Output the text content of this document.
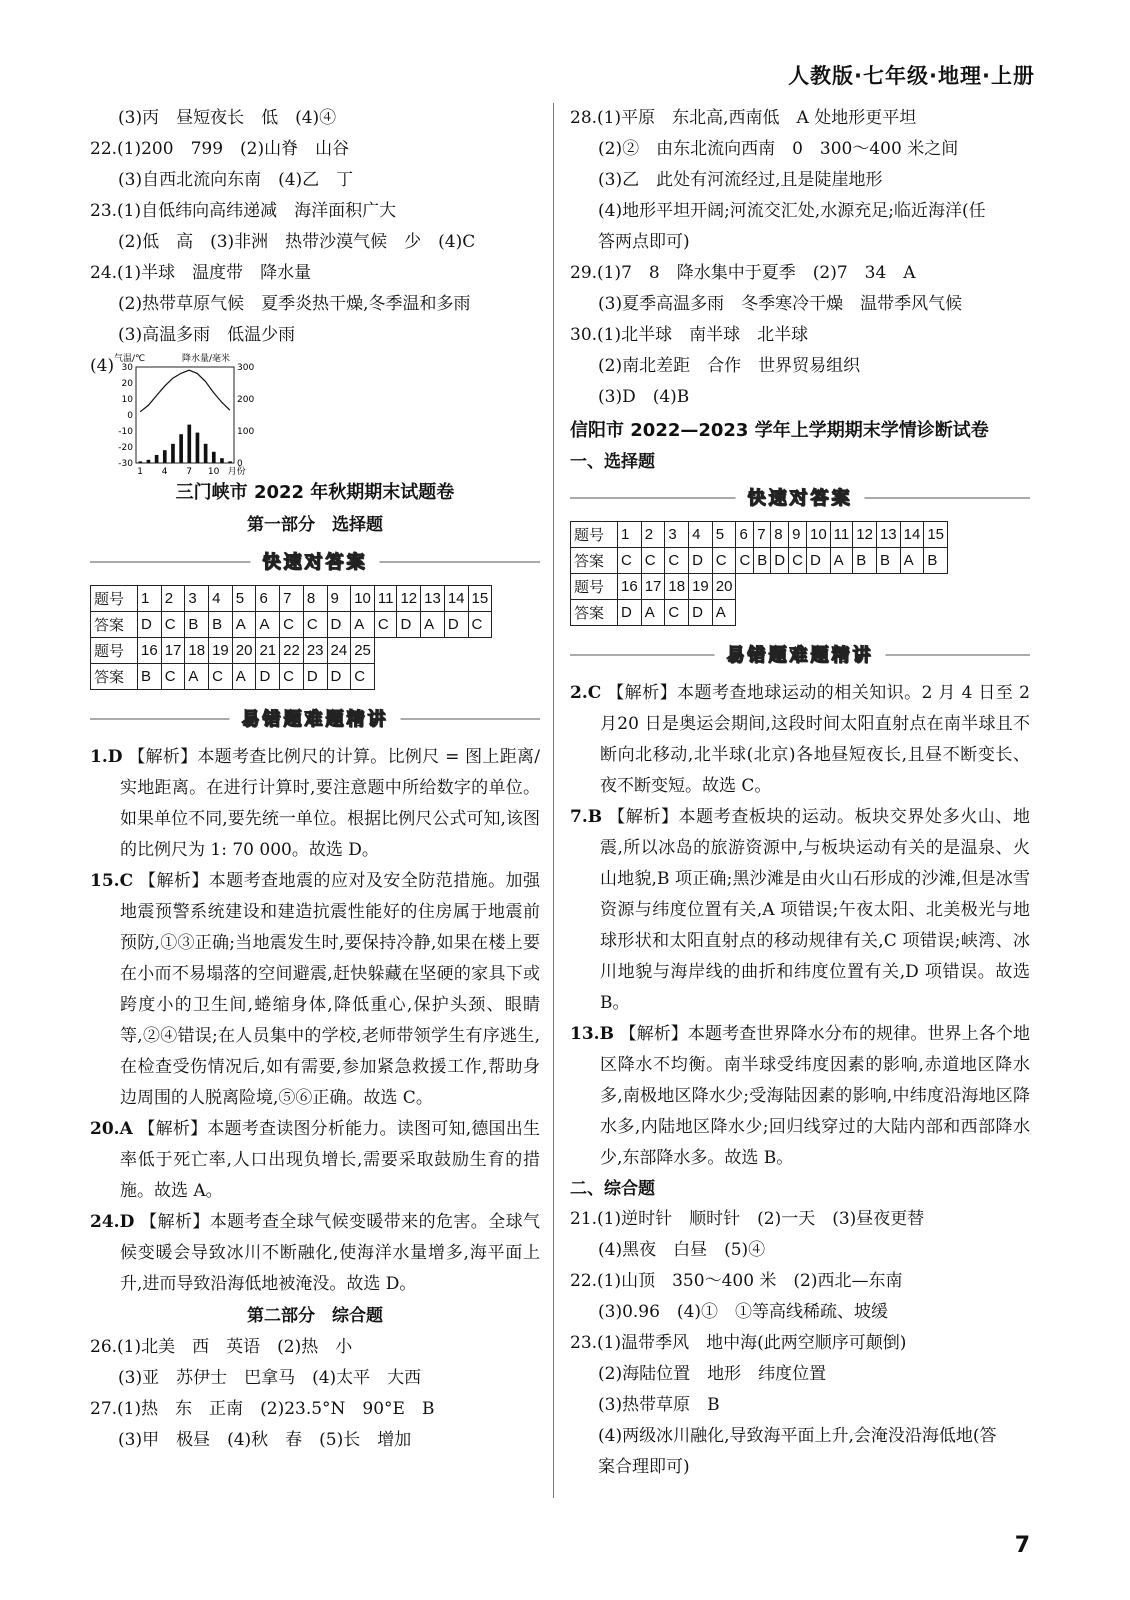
人教版·七年级·地理·上册
(3)丙　昼短夜长　低　(4)④
22.(1)200　799　(2)山脊　山谷
(3)自西北流向东南　(4)乙　丁
23.(1)自低纬向高纬递减　海洋面积广大
(2)低　高　(3)非洲　热带沙漠气候　少　(4)C
24.(1)半球　温度带　降水量
(2)热带草原气候　夏季炎热干燥,冬季温和多雨
(3)高温多雨　低温少雨
(4) 气温/℃	降水量/毫米
30
20
10
0
-10
-20
-30
300
200
100
0
1 4 7 10 月份
三门峡市 2022 年秋期期末试题卷
第一部分　选择题
快速对答案
题号	1	2	3	4	5	6	7	8	9	10	11	12	13	14	15
答案	D	C	B	B	A	A	C	C	D	A	C	D	A	D	C
题号	16	17	18	19	20	21	22	23	24	25					
答案	B	C	A	C	A	D	C	D	D	C					
易错题难题精讲
1.D 【解析】本题考查比例尺的计算。比例尺 = 图上距离/实地距离。在进行计算时,要注意题中所给数字的单位。如果单位不同,要先统一单位。根据比例尺公式可知,该图的比例尺为 1: 70 000。故选 D。
15.C 【解析】本题考查地震的应对及安全防范措施。加强地震预警系统建设和建造抗震性能好的住房属于地震前预防,①③正确;当地震发生时,要保持冷静,如果在楼上要在小而不易塌落的空间避震,赶快躲藏在坚硬的家具下或跨度小的卫生间,蜷缩身体,降低重心,保护头颈、眼睛等,②④错误;在人员集中的学校,老师带领学生有序逃生,在检查受伤情况后,如有需要,参加紧急救援工作,帮助身边周围的人脱离险境,⑤⑥正确。故选 C。
20.A 【解析】本题考查读图分析能力。读图可知,德国出生率低于死亡率,人口出现负增长,需要采取鼓励生育的措施。故选 A。
24.D 【解析】本题考查全球气候变暖带来的危害。全球气候变暖会导致冰川不断融化,使海洋水量增多,海平面上升,进而导致沿海低地被淹没。故选 D。
第二部分　综合题
26.(1)北美　西　英语　(2)热　小
(3)亚　苏伊士　巴拿马　(4)太平　大西
27.(1)热　东　正南　(2)23.5°N　90°E　B
(3)甲　极昼　(4)秋　春　(5)长　增加
28.(1)平原　东北高,西南低　A 处地形更平坦
(2)②　由东北流向西南　0　300～400 米之间
(3)乙　此处有河流经过,且是陡崖地形
(4)地形平坦开阔;河流交汇处,水源充足;临近海洋(任
答两点即可)
29.(1)7　8　降水集中于夏季　(2)7　34　A
(3)夏季高温多雨　冬季寒冷干燥　温带季风气候
30.(1)北半球　南半球　北半球
(2)南北差距　合作　世界贸易组织
(3)D　(4)B
信阳市 2022—2023 学年上学期期末学情诊断试卷
一、选择题
快速对答案
题号	1	2	3	4	5	6	7	8	9	10	11	12	13	14	15
答案	C	C	C	D	C	C	B	D	C	D	A	B	B	A	B
题号	16	17	18	19	20										
答案	D	A	C	D	A										
易错题难题精讲
2.C 【解析】本题考查地球运动的相关知识。2 月 4 日至 2 月20 日是奥运会期间,这段时间太阳直射点在南半球且不断向北移动,北半球(北京)各地昼短夜长,且昼不断变长、夜不断变短。故选 C。
7.B 【解析】本题考查板块的运动。板块交界处多火山、地震,所以冰岛的旅游资源中,与板块运动有关的是温泉、火山地貌,B 项正确;黑沙滩是由火山石形成的沙滩,但是冰雪资源与纬度位置有关,A 项错误;午夜太阳、北美极光与地球形状和太阳直射点的移动规律有关,C 项错误;峡湾、冰川地貌与海岸线的曲折和纬度位置有关,D 项错误。故选 B。
13.B 【解析】本题考查世界降水分布的规律。世界上各个地区降水不均衡。南半球受纬度因素的影响,赤道地区降水多,南极地区降水少;受海陆因素的影响,中纬度沿海地区降水多,内陆地区降水少;回归线穿过的大陆内部和西部降水少,东部降水多。故选 B。
二、综合题
21.(1)逆时针　顺时针　(2)一天　(3)昼夜更替
(4)黑夜　白昼　(5)④
22.(1)山顶　350～400 米　(2)西北—东南
(3)0.96　(4)①　①等高线稀疏、坡缓
23.(1)温带季风　地中海(此两空顺序可颠倒)
(2)海陆位置　地形　纬度位置
(3)热带草原　B
(4)两级冰川融化,导致海平面上升,会淹没沿海低地(答
案合理即可)
7
